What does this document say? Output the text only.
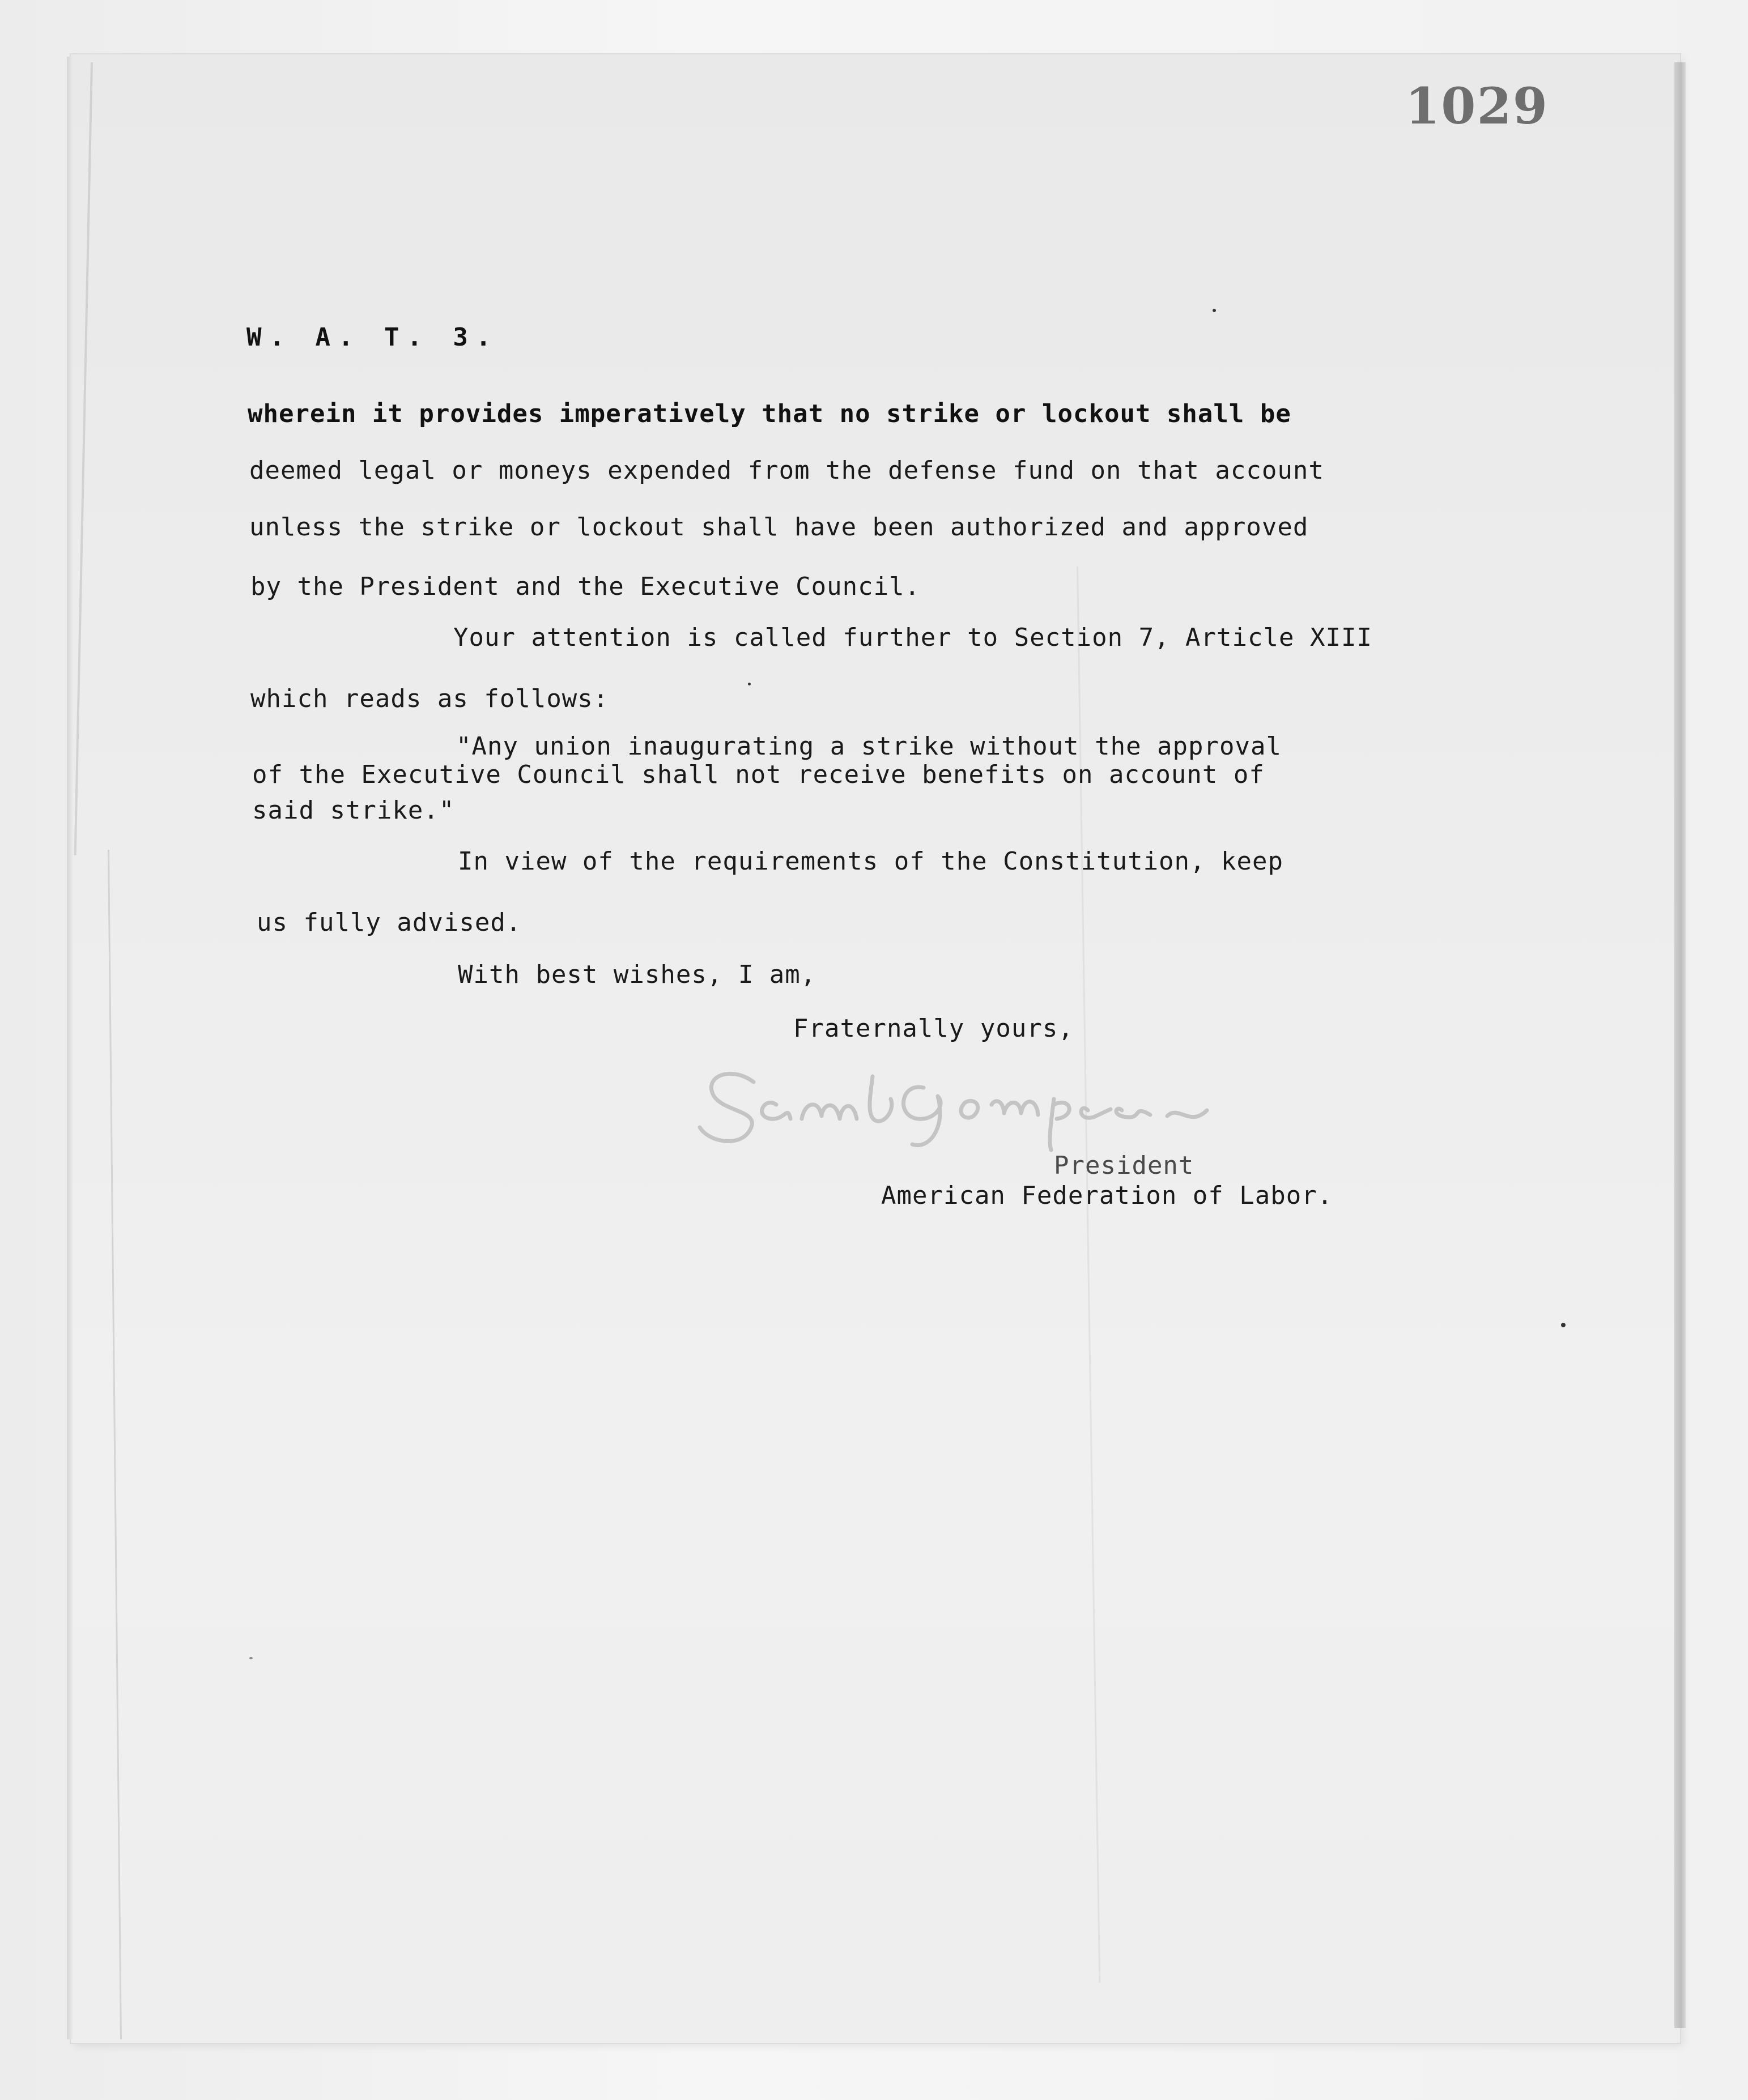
1029
W. A. T. 3.
wherein it provides imperatively that no strike or lockout shall be
deemed legal or moneys expended from the defense fund on that account
unless the strike or lockout shall have been authorized and approved
by the President and the Executive Council.
Your attention is called further to Section 7, Article XIII
which reads as follows:
"Any union inaugurating a strike without the approval
of the Executive Council shall not receive benefits on account of
said strike."
In view of the requirements of the Constitution, keep
us fully advised.
With best wishes, I am,
Fraternally yours,
President
American Federation of Labor.
